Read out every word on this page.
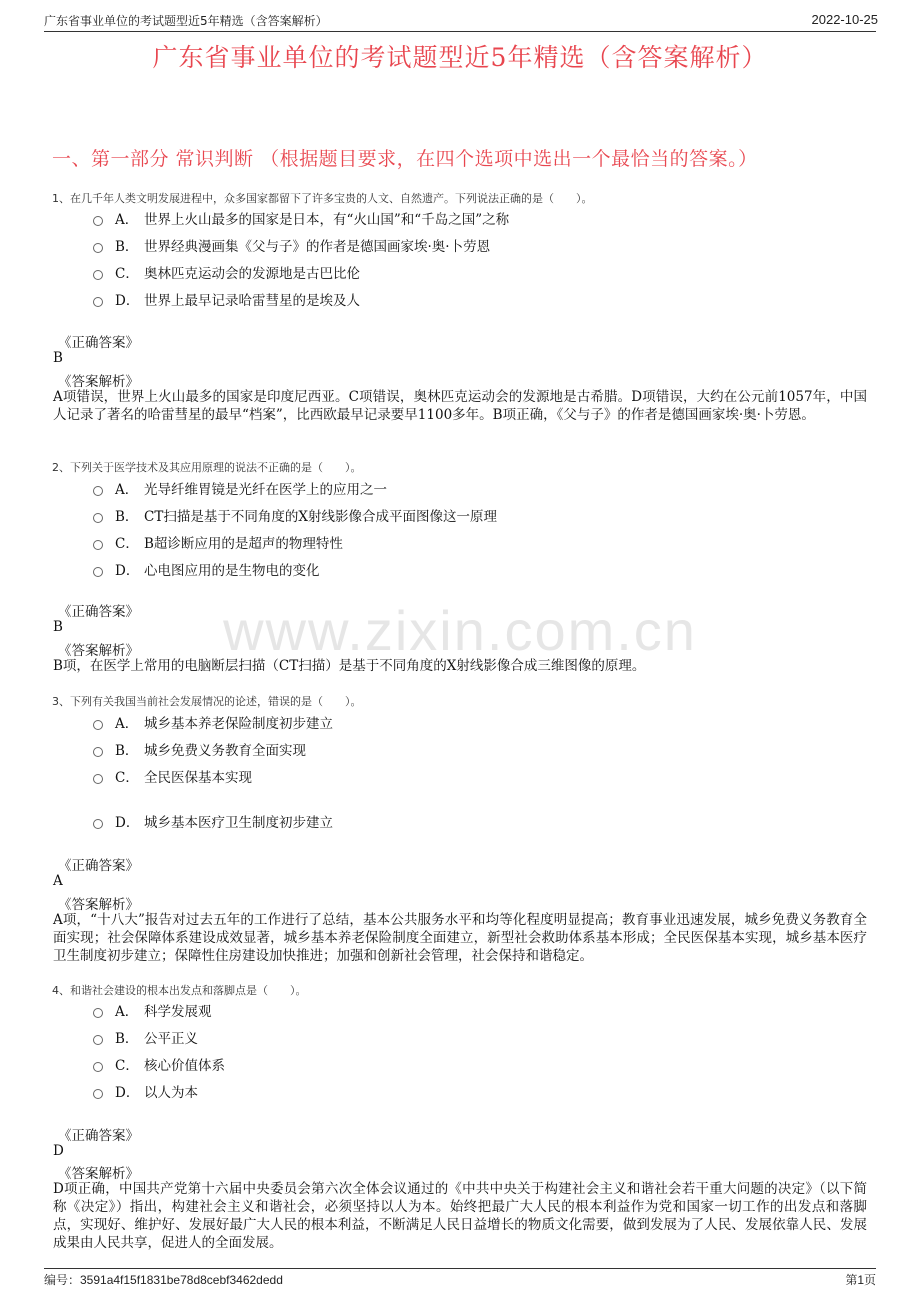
广东省事业单位的考试题型近5年精选（含答案解析）	2022-10-25
广东省事业单位的考试题型近5年精选（含答案解析）
一、第一部分 常识判断 （根据题目要求，在四个选项中选出一个最恰当的答案。）
www.zixin.com.cn
1、在几千年人类文明发展进程中，众多国家都留下了许多宝贵的人文、自然遗产。下列说法正确的是（　　）。
A． 世界上火山最多的国家是日本，有“火山国”和“千岛之国”之称
B． 世界经典漫画集《父与子》的作者是德国画家埃·奥·卜劳恩
C． 奥林匹克运动会的发源地是古巴比伦
D． 世界上最早记录哈雷彗星的是埃及人
《正确答案》
B
《答案解析》
A项错误，世界上火山最多的国家是印度尼西亚。C项错误，奥林匹克运动会的发源地是古希腊。D项错误，大约在公元前1057年，中国人记录了著名的哈雷彗星的最早“档案”，比西欧最早记录要早1100多年。B项正确，《父与子》的作者是德国画家埃·奥·卜劳恩。
2、下列关于医学技术及其应用原理的说法不正确的是（　　）。
A． 光导纤维胃镜是光纤在医学上的应用之一
B． CT扫描是基于不同角度的X射线影像合成平面图像这一原理
C． B超诊断应用的是超声的物理特性
D． 心电图应用的是生物电的变化
《正确答案》
B
《答案解析》
B项，在医学上常用的电脑断层扫描（CT扫描）是基于不同角度的X射线影像合成三维图像的原理。
3、下列有关我国当前社会发展情况的论述，错误的是（　　）。
A． 城乡基本养老保险制度初步建立
B． 城乡免费义务教育全面实现
C． 全民医保基本实现
D． 城乡基本医疗卫生制度初步建立
《正确答案》
A
《答案解析》
A项，“十八大”报告对过去五年的工作进行了总结，基本公共服务水平和均等化程度明显提高；教育事业迅速发展，城乡免费义务教育全面实现；社会保障体系建设成效显著，城乡基本养老保险制度全面建立，新型社会救助体系基本形成；全民医保基本实现，城乡基本医疗卫生制度初步建立；保障性住房建设加快推进；加强和创新社会管理，社会保持和谐稳定。
4、和谐社会建设的根本出发点和落脚点是（　　）。
A． 科学发展观
B． 公平正义
C． 核心价值体系
D． 以人为本
《正确答案》
D
《答案解析》
D项正确，中国共产党第十六届中央委员会第六次全体会议通过的《中共中央关于构建社会主义和谐社会若干重大问题的决定》（以下简称《决定》）指出，构建社会主义和谐社会，必须坚持以人为本。始终把最广大人民的根本利益作为党和国家一切工作的出发点和落脚点，实现好、维护好、发展好最广大人民的根本利益，不断满足人民日益增长的物质文化需要，做到发展为了人民、发展依靠人民、发展成果由人民共享，促进人的全面发展。
编号：3591a4f15f1831be78d8cebf3462dedd	第1页
